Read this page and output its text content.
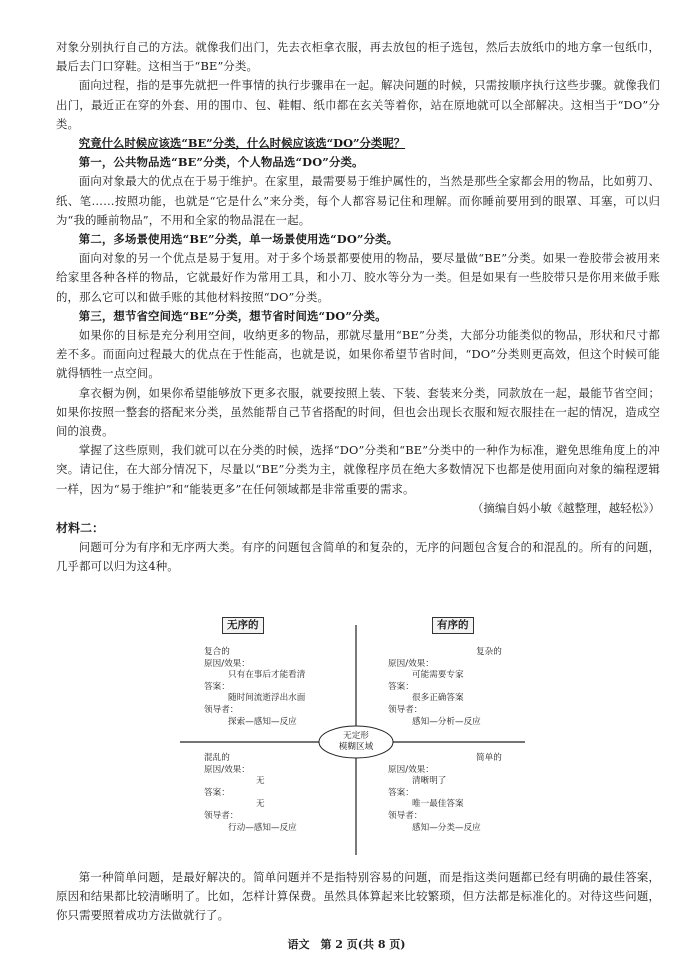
对象分别执行自己的方法。就像我们出门，先去衣柜拿衣服，再去放包的柜子选包，然后去放纸巾的地方拿一包纸巾，最后去门口穿鞋。这相当于“BE”分类。

面向过程，指的是事先就把一件事情的执行步骤串在一起。解决问题的时候，只需按顺序执行这些步骤。就像我们出门，最近正在穿的外套、用的围巾、包、鞋帽、纸巾都在玄关等着你，站在原地就可以全部解决。这相当于“DO”分类。

究竟什么时候应该选“BE”分类，什么时候应该选“DO”分类呢？

第一，公共物品选“BE”分类，个人物品选“DO”分类。

面向对象最大的优点在于易于维护。在家里，最需要易于维护属性的，当然是那些全家都会用的物品，比如剪刀、纸、笔……按照功能，也就是“它是什么”来分类，每个人都容易记住和理解。而你睡前要用到的眼罩、耳塞，可以归为“我的睡前物品”，不用和全家的物品混在一起。

第二，多场景使用选“BE”分类，单一场景使用选“DO”分类。

面向对象的另一个优点是易于复用。对于多个场景都要使用的物品，要尽量做“BE”分类。如果一卷胶带会被用来给家里各种各样的物品，它就最好作为常用工具，和小刀、胶水等分为一类。但是如果有一些胶带只是你用来做手账的，那么它可以和做手账的其他材料按照“DO”分类。

第三，想节省空间选“BE”分类，想节省时间选“DO”分类。

如果你的目标是充分利用空间，收纳更多的物品，那就尽量用“BE”分类，大部分功能类似的物品，形状和尺寸都差不多。而面向过程最大的优点在于性能高，也就是说，如果你希望节省时间，“DO”分类则更高效，但这个时候可能就得牺牲一点空间。

拿衣橱为例，如果你希望能够放下更多衣服，就要按照上装、下装、套装来分类，同款放在一起，最能节省空间；如果你按照一整套的搭配来分类，虽然能帮自己节省搭配的时间，但也会出现长衣服和短衣服挂在一起的情况，造成空间的浪费。

掌握了这些原则，我们就可以在分类的时候，选择“DO”分类和“BE”分类中的一种作为标准，避免思维角度上的冲突。请记住，在大部分情况下，尽量以“BE”分类为主，就像程序员在绝大多数情况下也都是使用面向对象的编程逻辑一样，因为“易于维护”和“能装更多”在任何领域都是非常重要的需求。

（摘编自妈小敏《越整理，越轻松》）

材料二：

问题可分为有序和无序两大类。有序的问题包含简单的和复杂的，无序的问题包含复合的和混乱的。所有的问题，几乎都可以归为这4种。

无序的	有序的
无定形
模糊区域
复合的
原因/效果：
只有在事后才能看清
答案：
随时间流逝浮出水面
领导者：
探索—感知—反应
复杂的
原因/效果：
可能需要专家
答案：
很多正确答案
领导者：
感知—分析—反应
混乱的
原因/效果：
无
答案：
无
领导者：
行动—感知—反应
简单的
原因/效果：
清晰明了
答案：
唯一最佳答案
领导者：
感知—分类—反应

第一种简单问题，是最好解决的。简单问题并不是指特别容易的问题，而是指这类问题都已经有明确的最佳答案，原因和结果都比较清晰明了。比如，怎样计算保费。虽然具体算起来比较繁琐，但方法都是标准化的。对待这些问题，你只需要照着成功方法做就行了。

语文　第 2 页(共 8 页)
